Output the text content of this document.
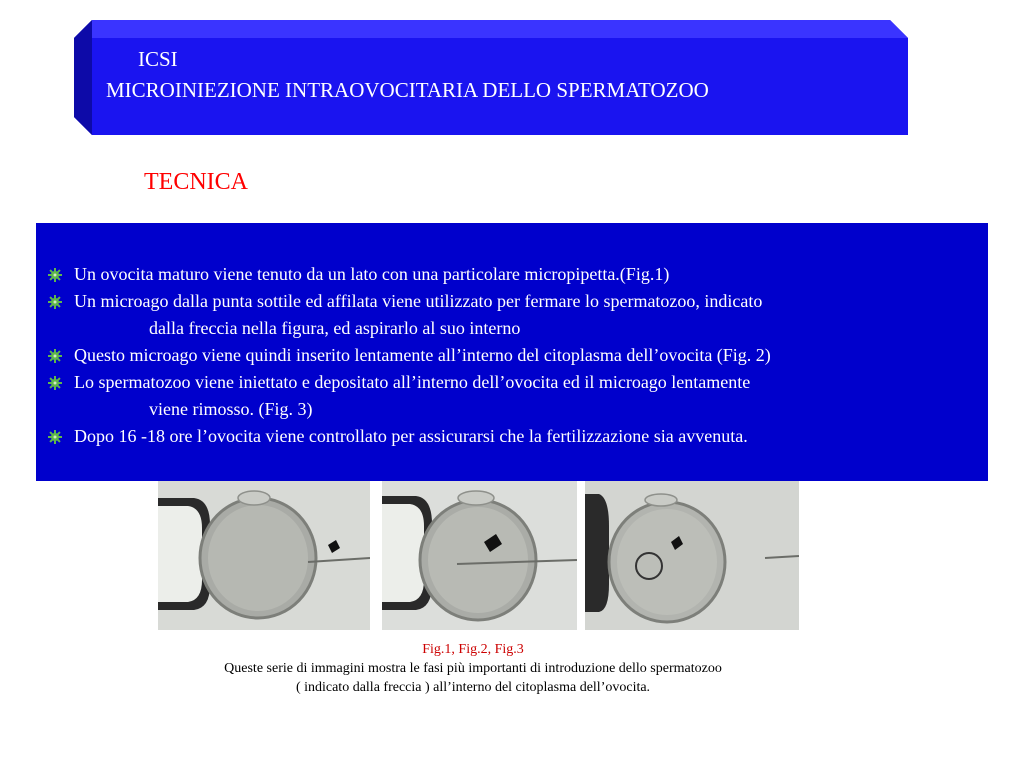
ICSI
MICROINIEZIONE INTRAOVOCITARIA DELLO SPERMATOZOO
TECNICA
Un ovocita maturo viene tenuto da un lato con una particolare micropipetta.(Fig.1)
Un microago dalla punta sottile ed affilata viene utilizzato per fermare lo spermatozoo, indicato
dalla freccia nella figura, ed aspirarlo al suo interno
Questo microago viene quindi inserito lentamente all’interno del citoplasma dell’ovocita (Fig. 2)
Lo spermatozoo viene iniettato e depositato all’interno dell’ovocita ed il microago lentamente
viene rimosso. (Fig. 3)
Dopo 16 -18 ore l’ovocita viene controllato per assicurarsi che la fertilizzazione sia avvenuta.
Fig.1, Fig.2, Fig.3
Queste serie di immagini mostra le fasi più importanti di introduzione dello spermatozoo
( indicato dalla freccia ) all’interno del citoplasma dell’ovocita.
